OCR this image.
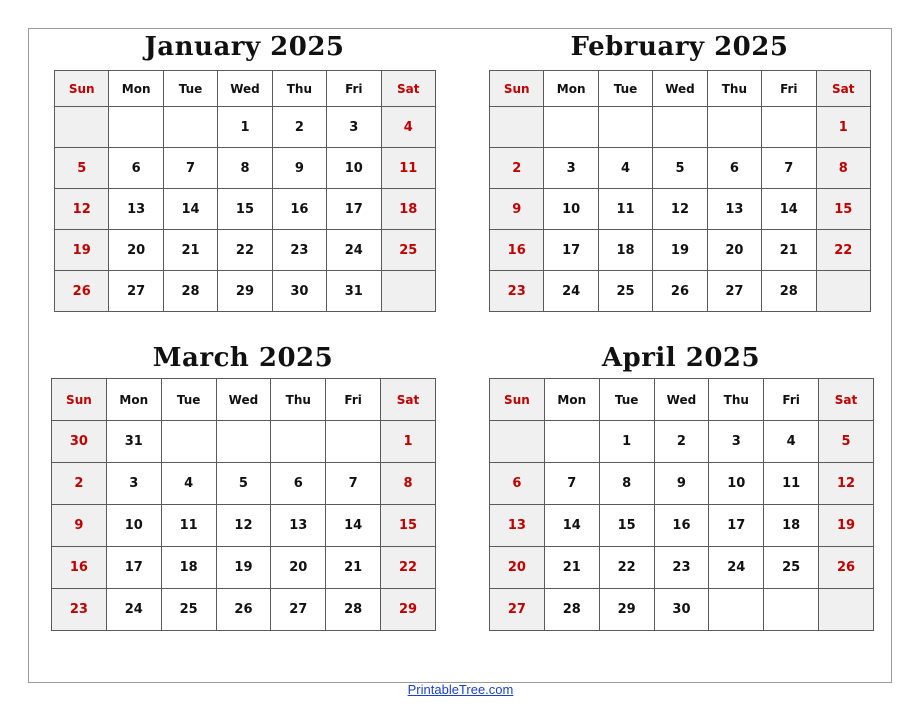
January 2025
Sun	Mon	Tue	Wed	Thu	Fri	Sat
			1	2	3	4
5	6	7	8	9	10	11
12	13	14	15	16	17	18
19	20	21	22	23	24	25
26	27	28	29	30	31	
February 2025
Sun	Mon	Tue	Wed	Thu	Fri	Sat
						1
2	3	4	5	6	7	8
9	10	11	12	13	14	15
16	17	18	19	20	21	22
23	24	25	26	27	28	
March 2025
Sun	Mon	Tue	Wed	Thu	Fri	Sat
30	31					1
2	3	4	5	6	7	8
9	10	11	12	13	14	15
16	17	18	19	20	21	22
23	24	25	26	27	28	29
April 2025
Sun	Mon	Tue	Wed	Thu	Fri	Sat
		1	2	3	4	5
6	7	8	9	10	11	12
13	14	15	16	17	18	19
20	21	22	23	24	25	26
27	28	29	30			
PrintableTree.com
